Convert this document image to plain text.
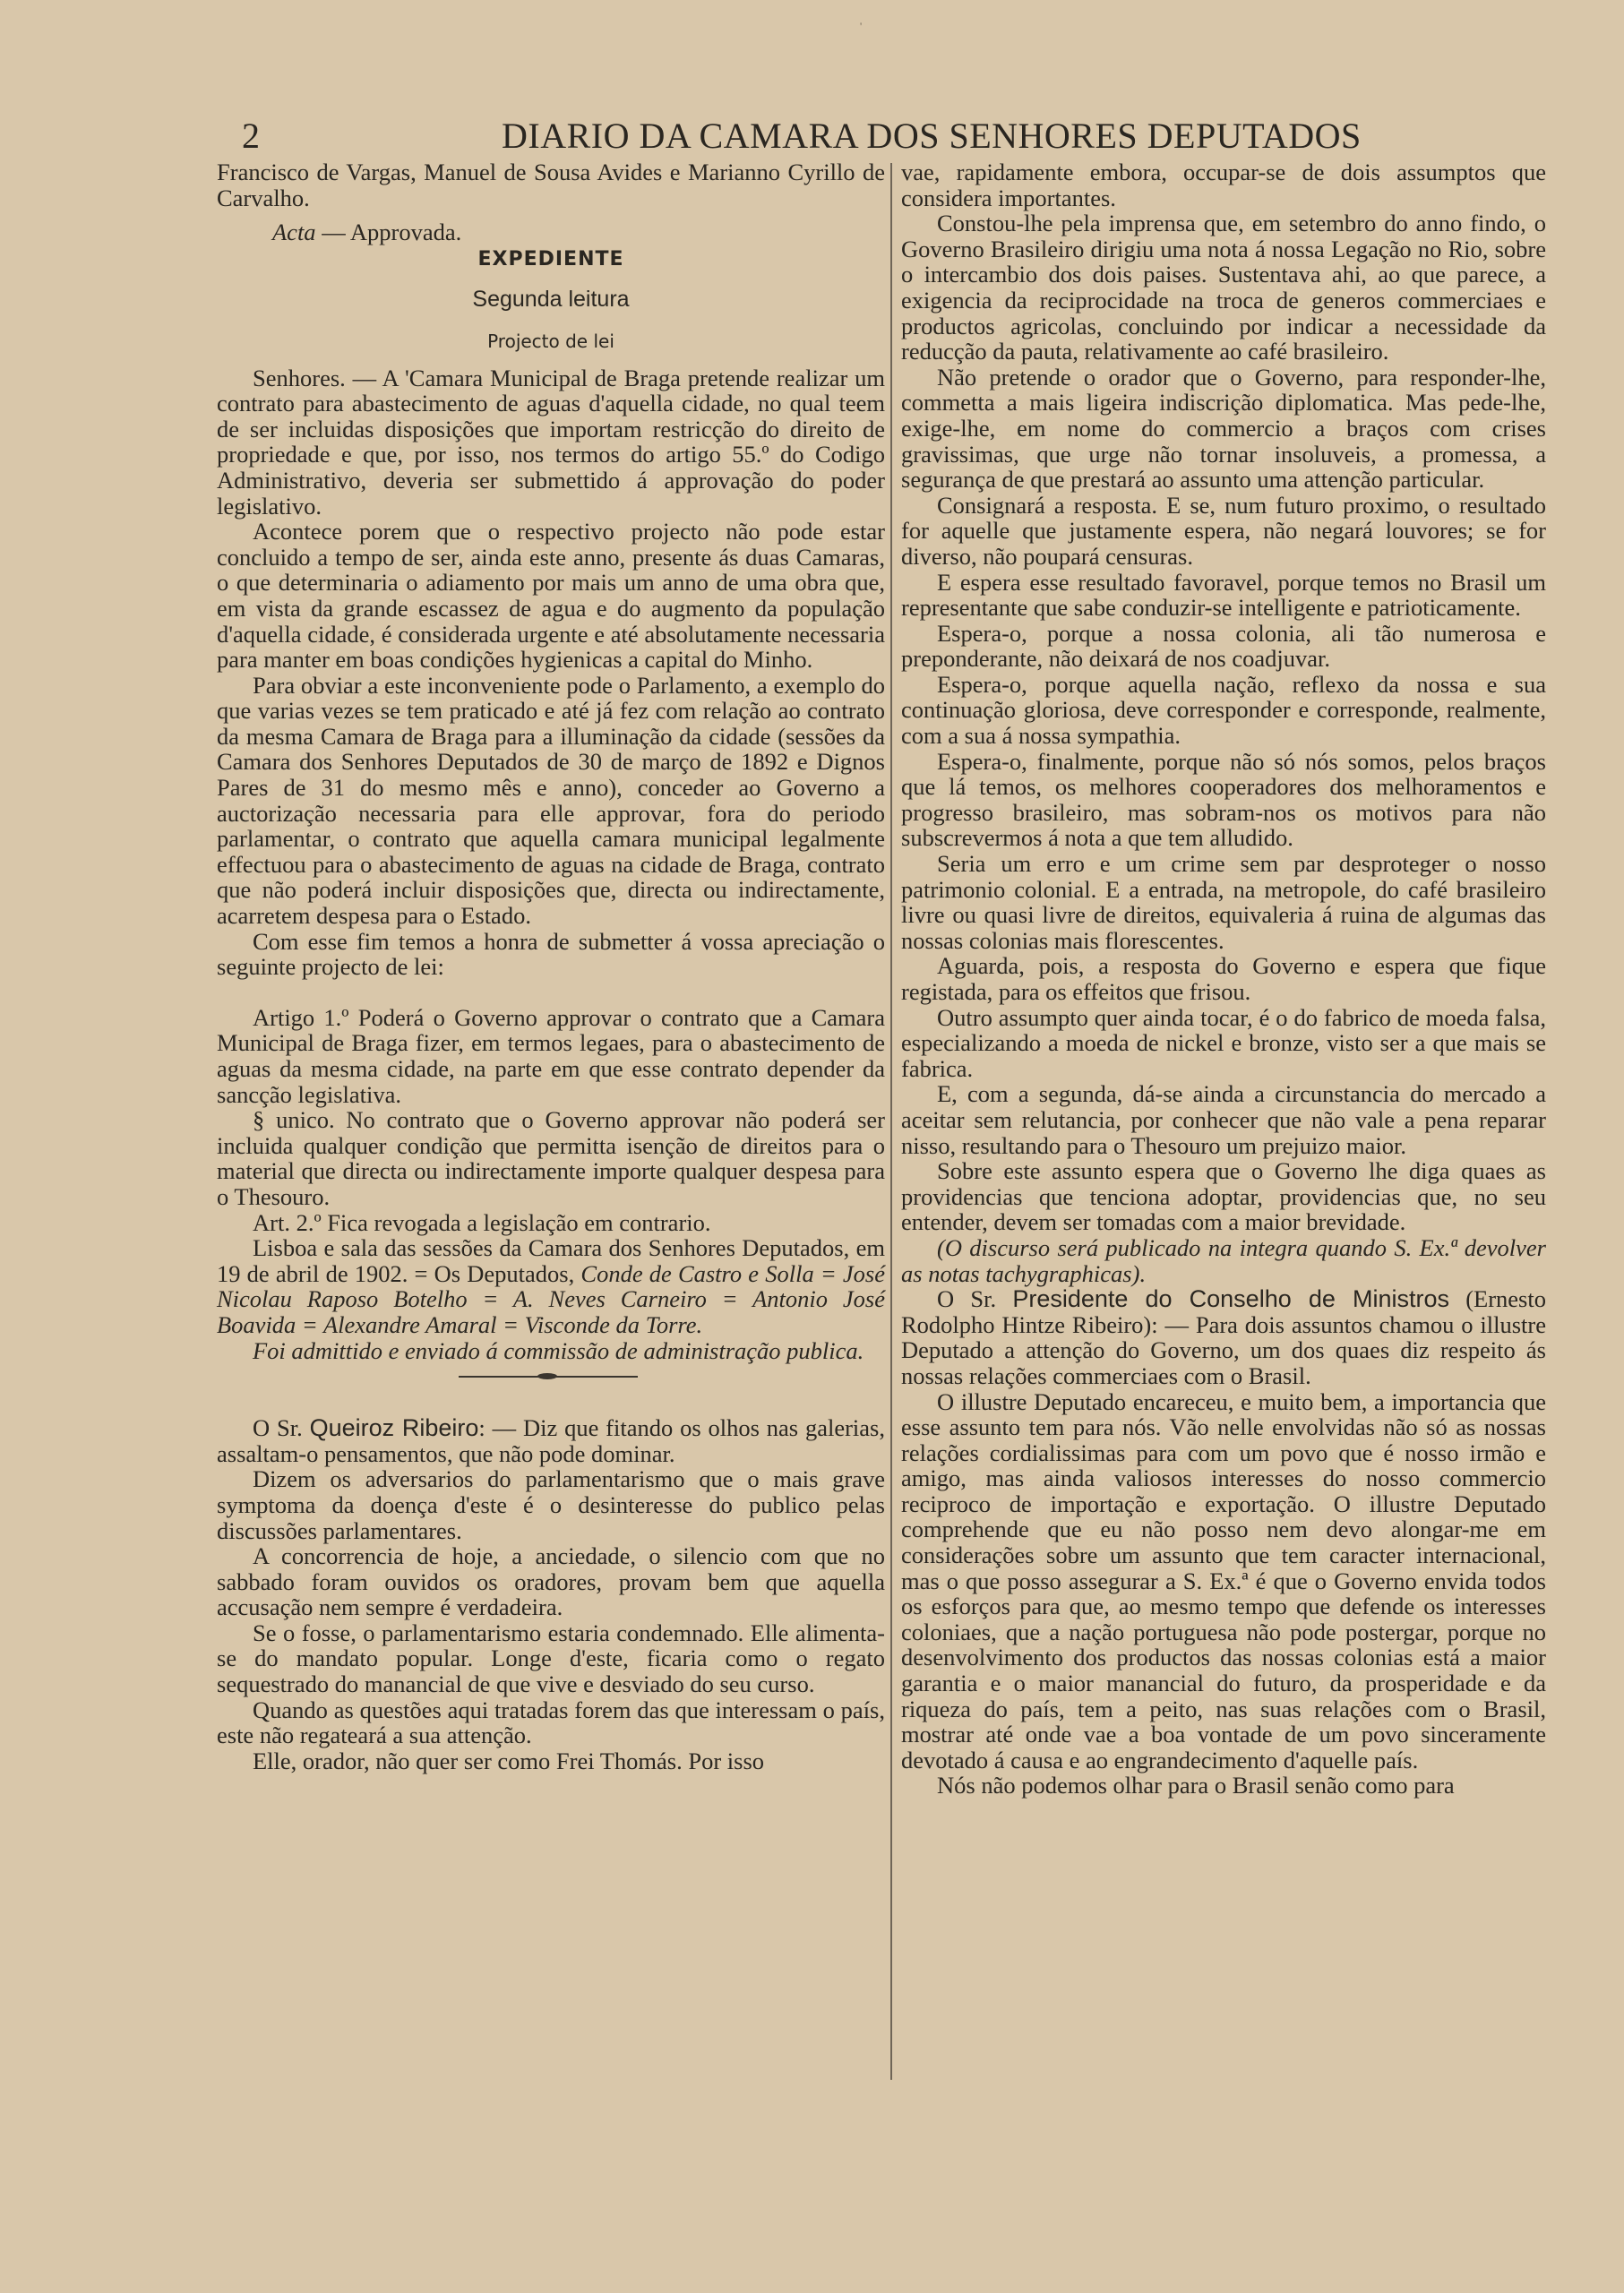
'
2	DIARIO DA CAMARA DOS SENHORES DEPUTADOS

Francisco de Vargas, Manuel de Sousa Avides e Marianno Cyrillo de Carvalho.

Acta — Approvada.

EXPEDIENTE
Segunda leitura
Projecto de lei

Senhores. — A 'Camara Municipal de Braga pretende realizar um contrato para abastecimento de aguas d'aquella cidade, no qual teem de ser incluidas disposições que importam restricção do direito de propriedade e que, por isso, nos termos do artigo 55.º do Codigo Administrativo, deveria ser submettido á approvação do poder legislativo.

Acontece porem que o respectivo projecto não pode estar concluido a tempo de ser, ainda este anno, presente ás duas Camaras, o que determinaria o adiamento por mais um anno de uma obra que, em vista da grande escassez de agua e do augmento da população d'aquella cidade, é considerada urgente e até absolutamente necessaria para manter em boas condições hygienicas a capital do Minho.

Para obviar a este inconveniente pode o Parlamento, a exemplo do que varias vezes se tem praticado e até já fez com relação ao contrato da mesma Camara de Braga para a illuminação da cidade (sessões da Camara dos Senhores Deputados de 30 de março de 1892 e Dignos Pares de 31 do mesmo mês e anno), conceder ao Governo a auctorização necessaria para elle approvar, fora do periodo parlamentar, o contrato que aquella camara municipal legalmente effectuou para o abastecimento de aguas na cidade de Braga, contrato que não poderá incluir disposições que, directa ou indirectamente, acarretem despesa para o Estado.

Com esse fim temos a honra de submetter á vossa apreciação o seguinte projecto de lei:

Artigo 1.º Poderá o Governo approvar o contrato que a Camara Municipal de Braga fizer, em termos legaes, para o abastecimento de aguas da mesma cidade, na parte em que esse contrato depender da sancção legislativa.

§ unico. No contrato que o Governo approvar não poderá ser incluida qualquer condição que permitta isenção de direitos para o material que directa ou indirectamente importe qualquer despesa para o Thesouro.

Art. 2.º Fica revogada a legislação em contrario.

Lisboa e sala das sessões da Camara dos Senhores Deputados, em 19 de abril de 1902. = Os Deputados, Conde de Castro e Solla = José Nicolau Raposo Botelho = A. Neves Carneiro = Antonio José Boavida = Alexandre Amaral = Visconde da Torre.

Foi admittido e enviado á commissão de administração publica.

O Sr. Queiroz Ribeiro: — Diz que fitando os olhos nas galerias, assaltam-o pensamentos, que não pode dominar.

Dizem os adversarios do parlamentarismo que o mais grave symptoma da doença d'este é o desinteresse do publico pelas discussões parlamentares.

A concorrencia de hoje, a anciedade, o silencio com que no sabbado foram ouvidos os oradores, provam bem que aquella accusação nem sempre é verdadeira.

Se o fosse, o parlamentarismo estaria condemnado. Elle alimenta-se do mandato popular. Longe d'este, ficaria como o regato sequestrado do manancial de que vive e desviado do seu curso.

Quando as questões aqui tratadas forem das que interessam o país, este não regateará a sua attenção.

Elle, orador, não quer ser como Frei Thomás. Por isso

vae, rapidamente embora, occupar-se de dois assumptos que considera importantes.

Constou-lhe pela imprensa que, em setembro do anno findo, o Governo Brasileiro dirigiu uma nota á nossa Legação no Rio, sobre o intercambio dos dois paises. Sustentava ahi, ao que parece, a exigencia da reciprocidade na troca de generos commerciaes e productos agricolas, concluindo por indicar a necessidade da reducção da pauta, relativamente ao café brasileiro.

Não pretende o orador que o Governo, para responder-lhe, commetta a mais ligeira indiscrição diplomatica. Mas pede-lhe, exige-lhe, em nome do commercio a braços com crises gravissimas, que urge não tornar insoluveis, a promessa, a segurança de que prestará ao assunto uma attenção particular.

Consignará a resposta. E se, num futuro proximo, o resultado for aquelle que justamente espera, não negará louvores; se for diverso, não poupará censuras.

E espera esse resultado favoravel, porque temos no Brasil um representante que sabe conduzir-se intelligente e patrioticamente.

Espera-o, porque a nossa colonia, ali tão numerosa e preponderante, não deixará de nos coadjuvar.

Espera-o, porque aquella nação, reflexo da nossa e sua continuação gloriosa, deve corresponder e corresponde, realmente, com a sua á nossa sympathia.

Espera-o, finalmente, porque não só nós somos, pelos braços que lá temos, os melhores cooperadores dos melhoramentos e progresso brasileiro, mas sobram-nos os motivos para não subscrevermos á nota a que tem alludido.

Seria um erro e um crime sem par desproteger o nosso patrimonio colonial. E a entrada, na metropole, do café brasileiro livre ou quasi livre de direitos, equivaleria á ruina de algumas das nossas colonias mais florescentes.

Aguarda, pois, a resposta do Governo e espera que fique registada, para os effeitos que frisou.

Outro assumpto quer ainda tocar, é o do fabrico de moeda falsa, especializando a moeda de nickel e bronze, visto ser a que mais se fabrica.

E, com a segunda, dá-se ainda a circunstancia do mercado a aceitar sem relutancia, por conhecer que não vale a pena reparar nisso, resultando para o Thesouro um prejuizo maior.

Sobre este assunto espera que o Governo lhe diga quaes as providencias que tenciona adoptar, providencias que, no seu entender, devem ser tomadas com a maior brevidade.

(O discurso será publicado na integra quando S. Ex.ª devolver as notas tachygraphicas).

O Sr. Presidente do Conselho de Ministros (Ernesto Rodolpho Hintze Ribeiro): — Para dois assuntos chamou o illustre Deputado a attenção do Governo, um dos quaes diz respeito ás nossas relações commerciaes com o Brasil.

O illustre Deputado encareceu, e muito bem, a importancia que esse assunto tem para nós. Vão nelle envolvidas não só as nossas relações cordialissimas para com um povo que é nosso irmão e amigo, mas ainda valiosos interesses do nosso commercio reciproco de importação e exportação. O illustre Deputado comprehende que eu não posso nem devo alongar-me em considerações sobre um assunto que tem caracter internacional, mas o que posso assegurar a S. Ex.ª é que o Governo envida todos os esforços para que, ao mesmo tempo que defende os interesses coloniaes, que a nação portuguesa não pode postergar, porque no desenvolvimento dos productos das nossas colonias está a maior garantia e o maior manancial do futuro, da prosperidade e da riqueza do país, tem a peito, nas suas relações com o Brasil, mostrar até onde vae a boa vontade de um povo sinceramente devotado á causa e ao engrandecimento d'aquelle país.

Nós não podemos olhar para o Brasil senão como para
